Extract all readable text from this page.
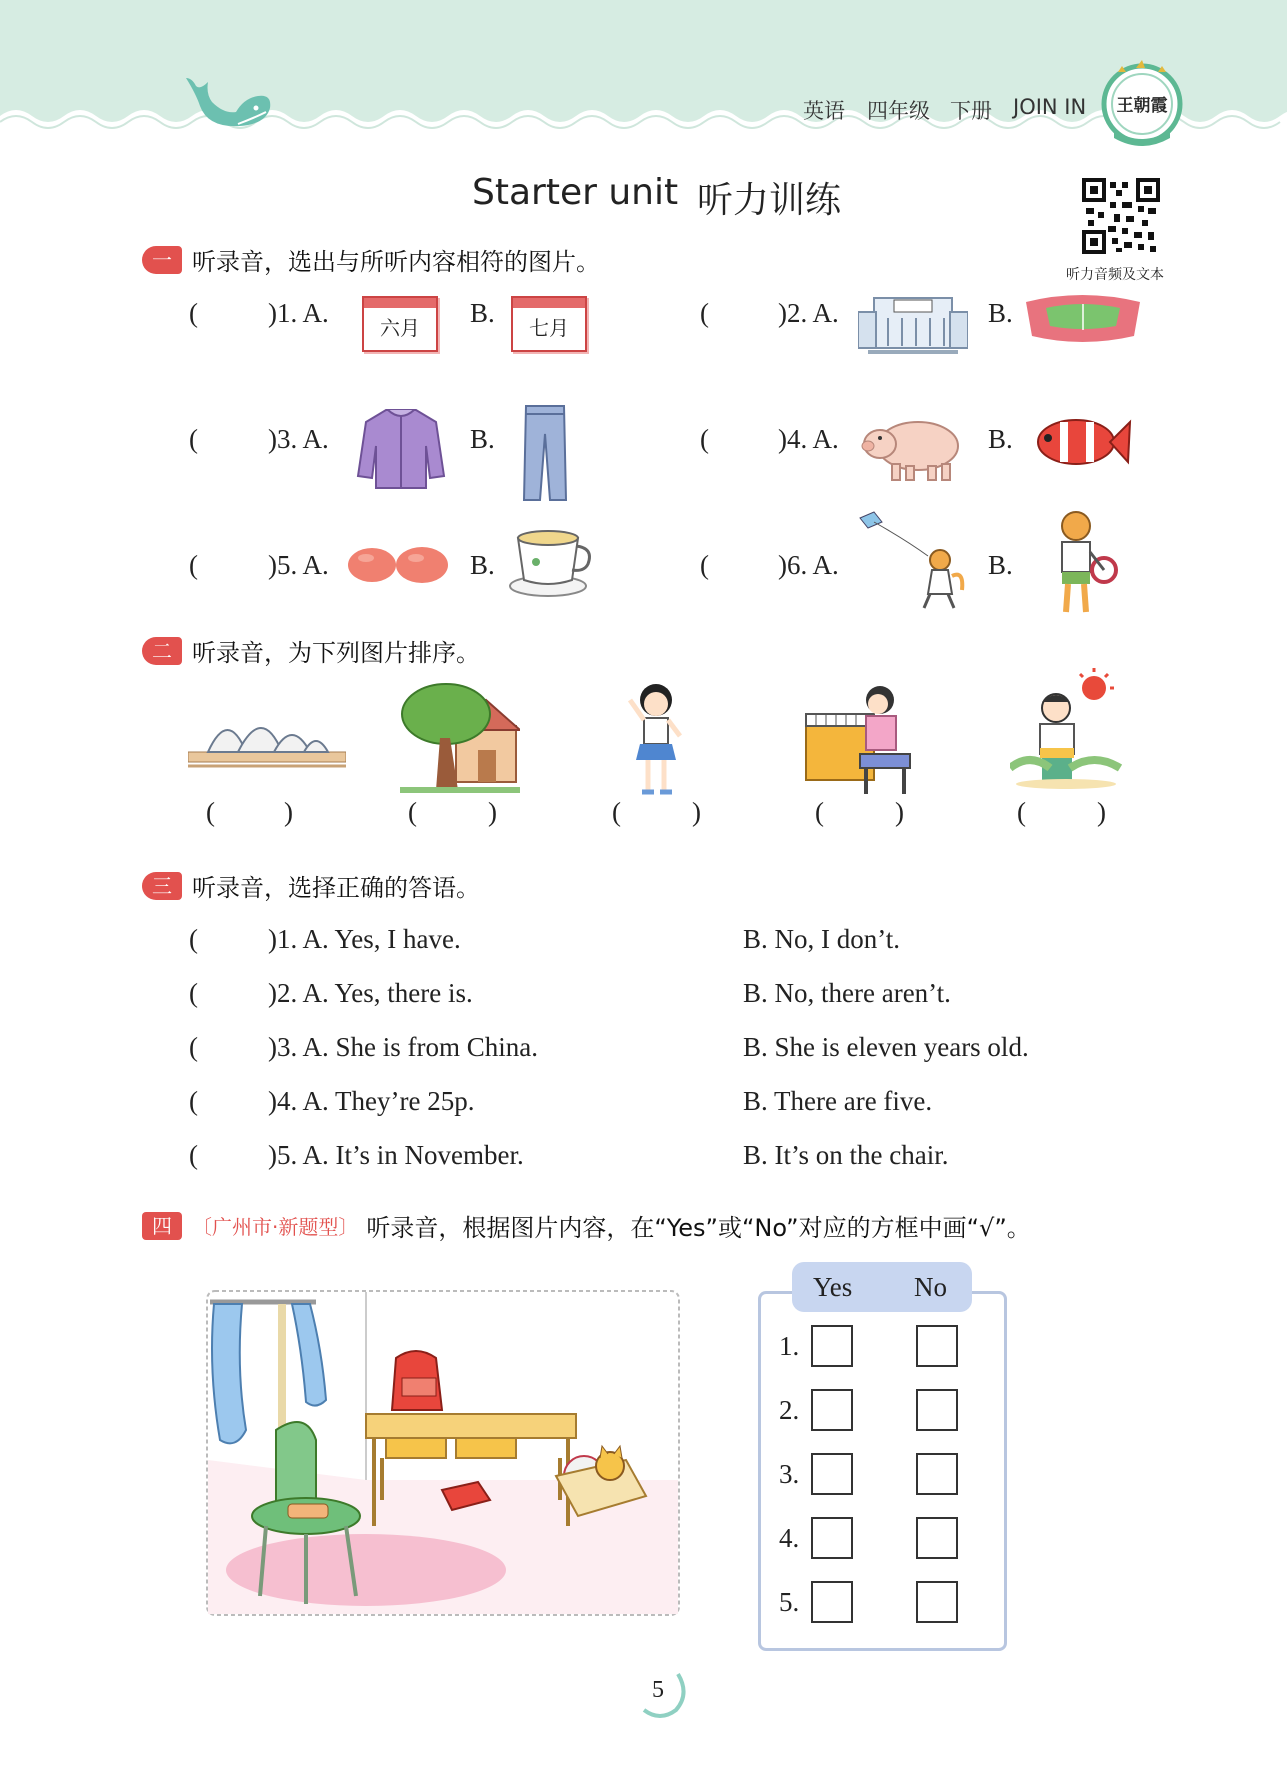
英语 四年级 下册 JOIN IN 王朝霞
Starter unit 听力训练
听力音频及文本
一 听录音，选出与所听内容相符的图片。
(	)1. A.	六月	B.	七月	(	)2. A.	B.
(	)3. A.	B.	(	)4. A.	B.
(	)5. A.	B.	(	)6. A.	B.
二 听录音，为下列图片排序。
(	)	(	)	(	)	(	)	(	)
三 听录音，选择正确的答语。
(	)1. A. Yes, I have.	B. No, I don’t.
(	)2. A. Yes, there is.	B. No, there aren’t.
(	)3. A. She is from China.	B. She is eleven years old.
(	)4. A. They’re 25p.	B. There are five.
(	)5. A. It’s in November.	B. It’s on the chair.
四	〔广州市·新题型〕 听录音，根据图片内容，在“Yes”或“No”对应的方框中画“√”。
Yes No
1.
2.
3.
4.
5.
5
